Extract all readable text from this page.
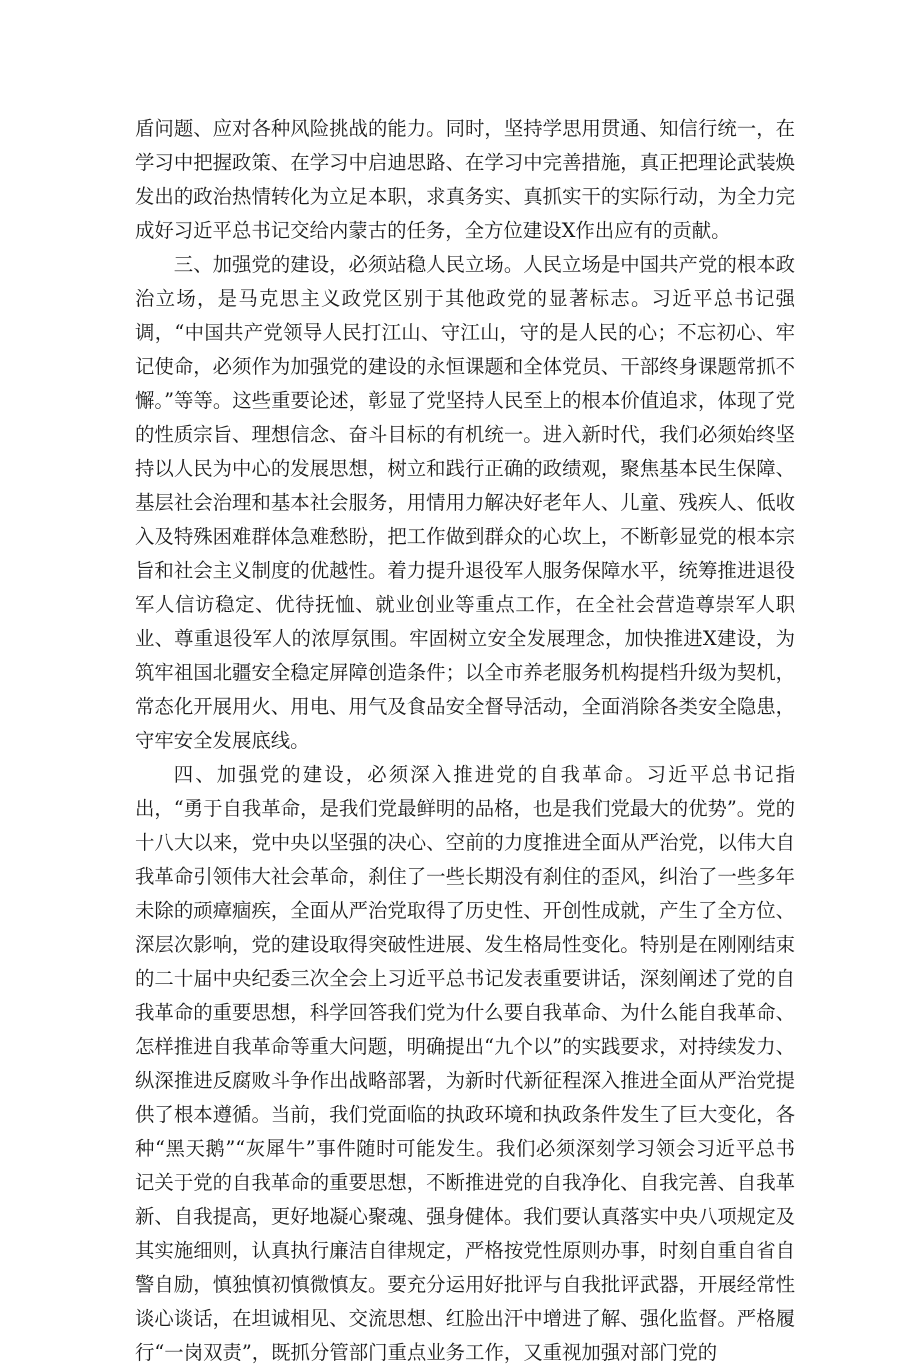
盾问题、应对各种风险挑战的能力。同时，坚持学思用贯通、知信行统一，在学习中把握政策、在学习中启迪思路、在学习中完善措施，真正把理论武装焕发出的政治热情转化为立足本职，求真务实、真抓实干的实际行动，为全力完成好习近平总书记交给内蒙古的任务，全方位建设X作出应有的贡献。

三、加强党的建设，必须站稳人民立场。人民立场是中国共产党的根本政治立场，是马克思主义政党区别于其他政党的显著标志。习近平总书记强调，“中国共产党领导人民打江山、守江山，守的是人民的心；不忘初心、牢记使命，必须作为加强党的建设的永恒课题和全体党员、干部终身课题常抓不懈。”等等。这些重要论述，彰显了党坚持人民至上的根本价值追求，体现了党的性质宗旨、理想信念、奋斗目标的有机统一。进入新时代，我们必须始终坚持以人民为中心的发展思想，树立和践行正确的政绩观，聚焦基本民生保障、基层社会治理和基本社会服务，用情用力解决好老年人、儿童、残疾人、低收入及特殊困难群体急难愁盼，把工作做到群众的心坎上，不断彰显党的根本宗旨和社会主义制度的优越性。着力提升退役军人服务保障水平，统筹推进退役军人信访稳定、优待抚恤、就业创业等重点工作，在全社会营造尊崇军人职业、尊重退役军人的浓厚氛围。牢固树立安全发展理念，加快推进X建设，为筑牢祖国北疆安全稳定屏障创造条件；以全市养老服务机构提档升级为契机，常态化开展用火、用电、用气及食品安全督导活动，全面消除各类安全隐患，守牢安全发展底线。

四、加强党的建设，必须深入推进党的自我革命。习近平总书记指出，“勇于自我革命，是我们党最鲜明的品格，也是我们党最大的优势”。党的十八大以来，党中央以坚强的决心、空前的力度推进全面从严治党，以伟大自我革命引领伟大社会革命，刹住了一些长期没有刹住的歪风，纠治了一些多年未除的顽瘴痼疾，全面从严治党取得了历史性、开创性成就，产生了全方位、深层次影响，党的建设取得突破性进展、发生格局性变化。特别是在刚刚结束的二十届中央纪委三次全会上习近平总书记发表重要讲话，深刻阐述了党的自我革命的重要思想，科学回答我们党为什么要自我革命、为什么能自我革命、怎样推进自我革命等重大问题，明确提出“九个以”的实践要求，对持续发力、纵深推进反腐败斗争作出战略部署，为新时代新征程深入推进全面从严治党提供了根本遵循。当前，我们党面临的执政环境和执政条件发生了巨大变化，各种“黑天鹅”“灰犀牛”事件随时可能发生。我们必须深刻学习领会习近平总书记关于党的自我革命的重要思想，不断推进党的自我净化、自我完善、自我革新、自我提高，更好地凝心聚魂、强身健体。我们要认真落实中央八项规定及其实施细则，认真执行廉洁自律规定，严格按党性原则办事，时刻自重自省自警自励，慎独慎初慎微慎友。要充分运用好批评与自我批评武器，开展经常性谈心谈话，在坦诚相见、交流思想、红脸出汗中增进了解、强化监督。严格履行“一岗双责”，既抓分管部门重点业务工作，又重视加强对部门党的
